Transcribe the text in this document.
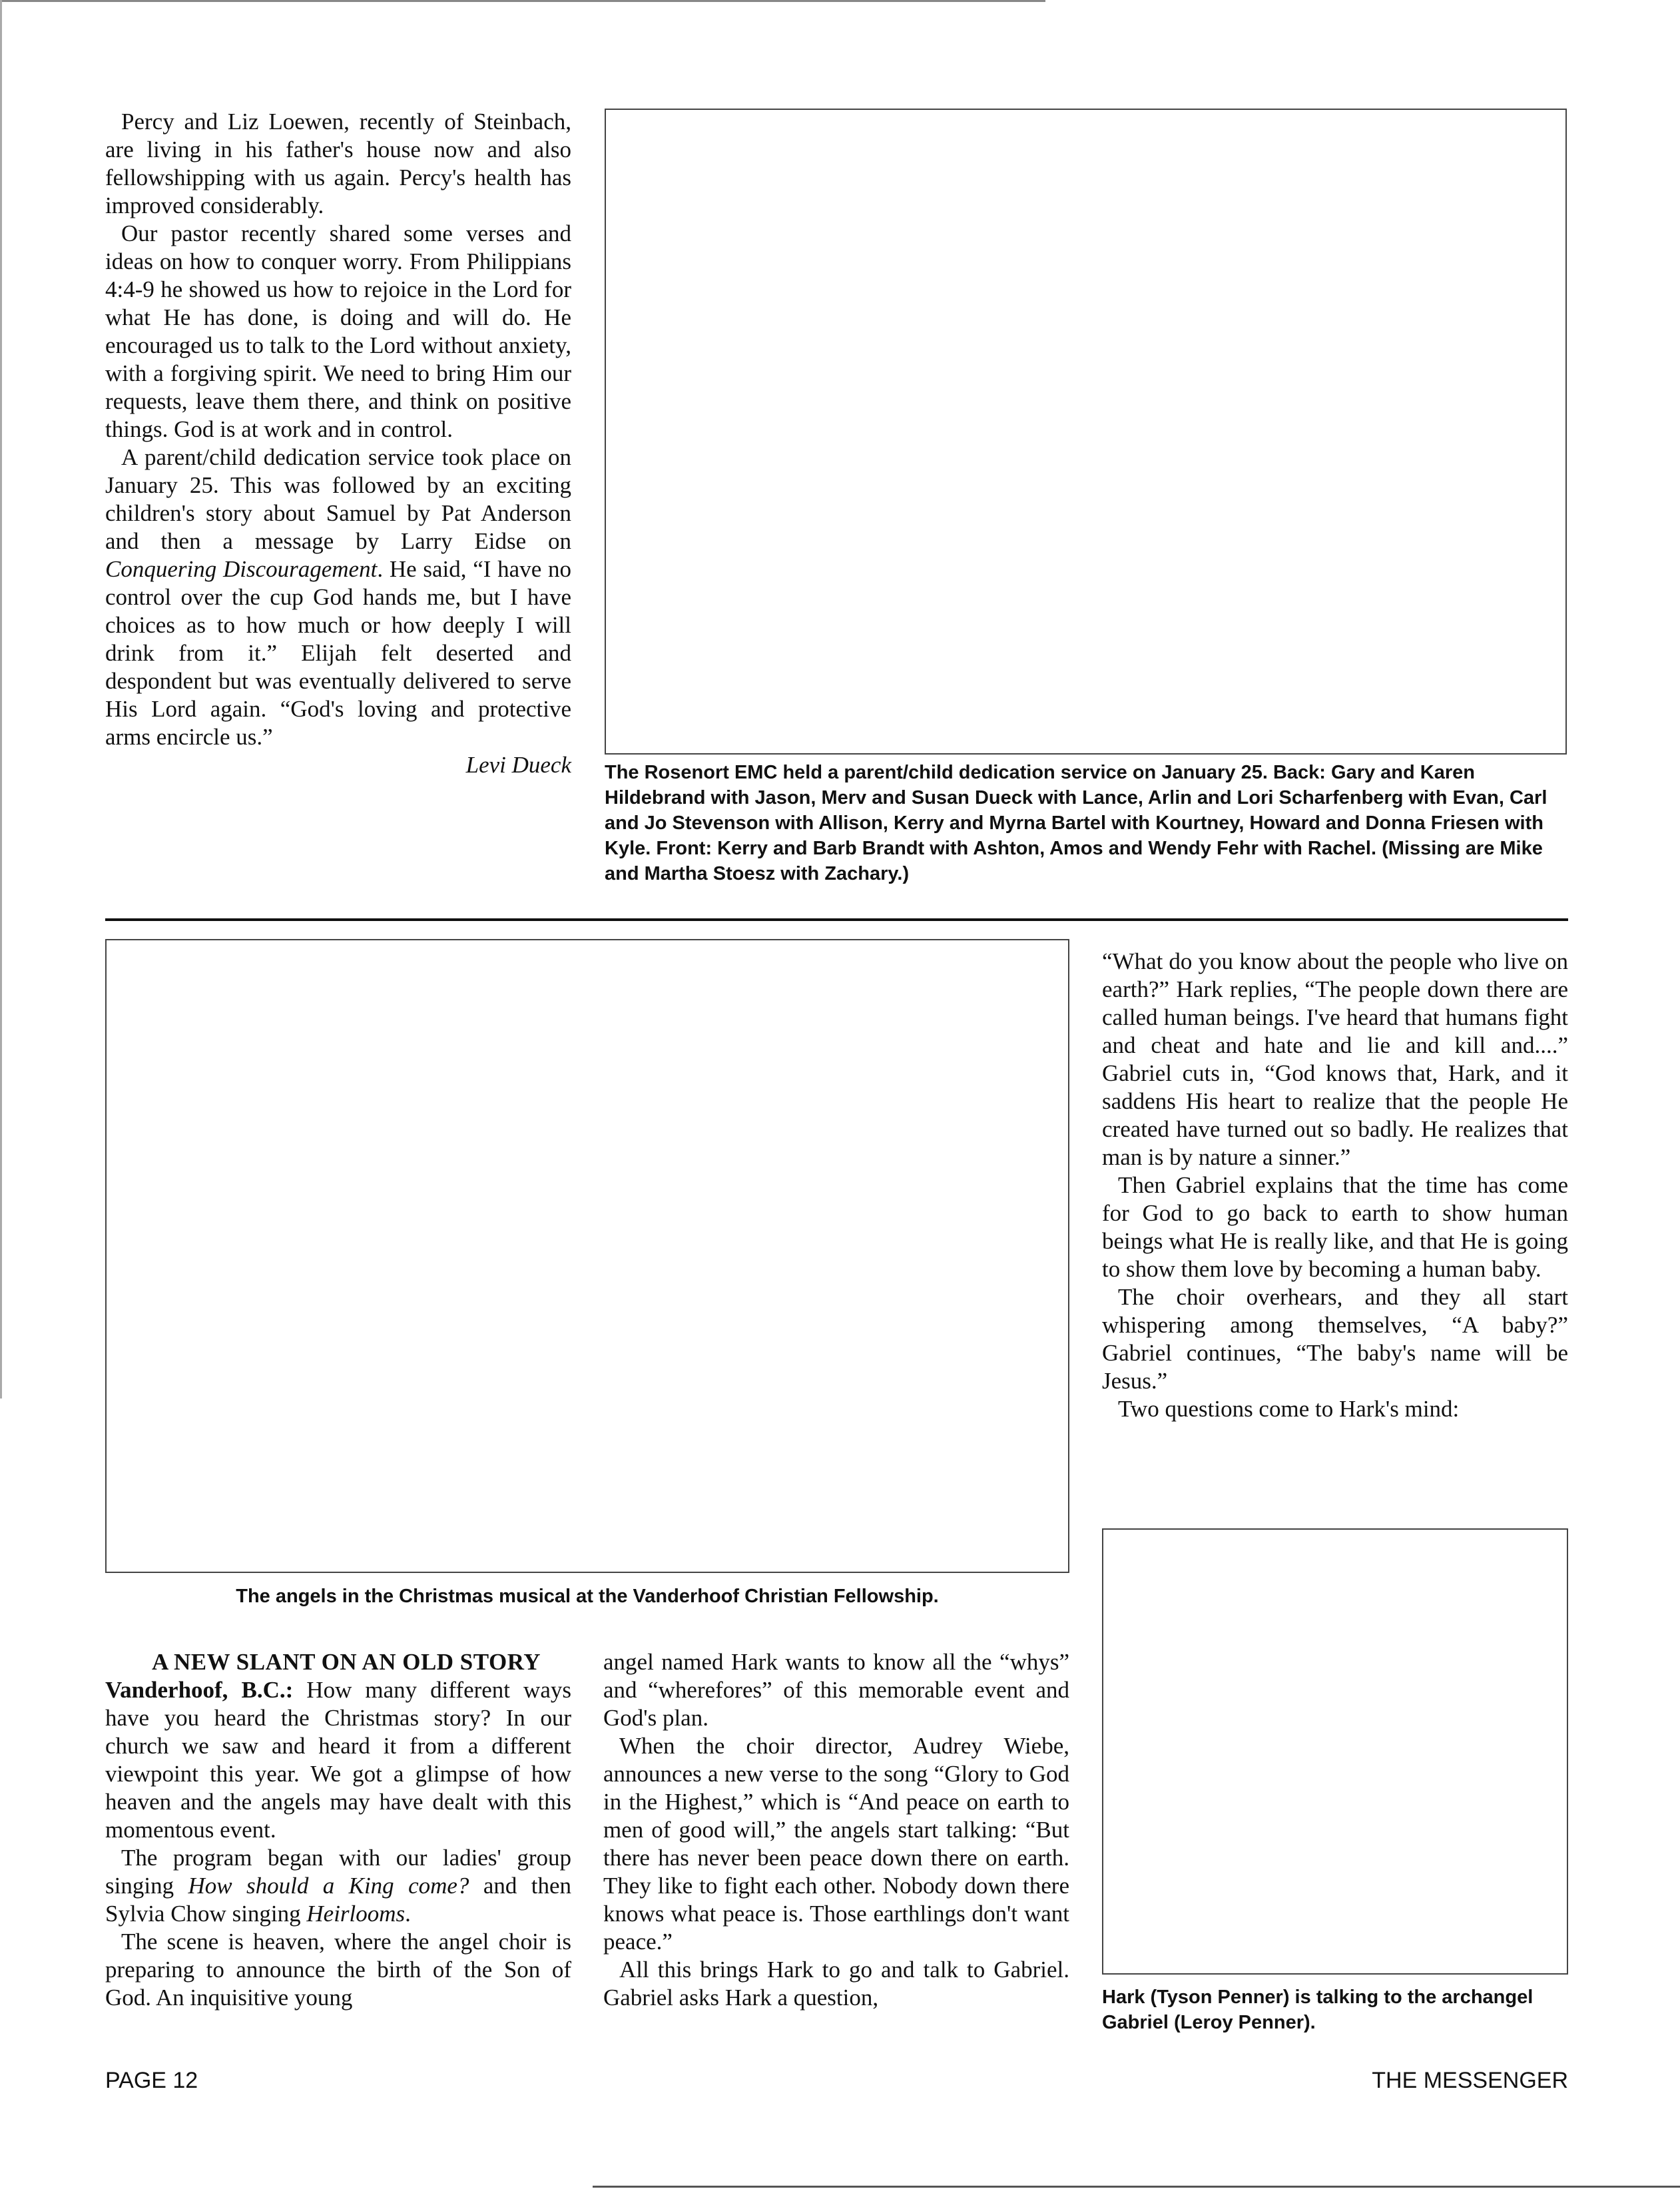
Percy and Liz Loewen, recently of Steinbach, are living in his father's house now and also fellowshipping with us again. Percy's health has improved considerably.

Our pastor recently shared some verses and ideas on how to conquer worry. From Philippians 4:4-9 he showed us how to rejoice in the Lord for what He has done, is doing and will do. He encouraged us to talk to the Lord without anxiety, with a forgiving spirit. We need to bring Him our requests, leave them there, and think on positive things. God is at work and in control.

A parent/child dedication service took place on January 25. This was followed by an exciting children's story about Samuel by Pat Anderson and then a message by Larry Eidse on Conquering Discouragement. He said, “I have no control over the cup God hands me, but I have choices as to how much or how deeply I will drink from it.” Elijah felt deserted and despondent but was eventually delivered to serve His Lord again. “God's loving and protective arms encircle us.”

Levi Dueck The Rosenort EMC held a parent/child dedication service on January 25. Back: Gary and Karen Hildebrand with Jason, Merv and Susan Dueck with Lance, Arlin and Lori Scharfenberg with Evan, Carl and Jo Stevenson with Allison, Kerry and Myrna Bartel with Kourtney, Howard and Donna Friesen with Kyle. Front: Kerry and Barb Brandt with Ashton, Amos and Wendy Fehr with Rachel. (Missing are Mike and Martha Stoesz with Zachary.)
The angels in the Christmas musical at the Vanderhoof Christian Fellowship.

A NEW SLANT ON AN OLD STORY

Vanderhoof, B.C.: How many different ways have you heard the Christmas story? In our church we saw and heard it from a different viewpoint this year. We got a glimpse of how heaven and the angels may have dealt with this momentous event.

The program began with our ladies' group singing How should a King come? and then Sylvia Chow singing Heirlooms.

The scene is heaven, where the angel choir is preparing to announce the birth of the Son of God. An inquisitive young

angel named Hark wants to know all the “whys” and “wherefores” of this memorable event and God's plan.

When the choir director, Audrey Wiebe, announces a new verse to the song “Glory to God in the Highest,” which is “And peace on earth to men of good will,” the angels start talking: “But there has never been peace down there on earth. They like to fight each other. Nobody down there knows what peace is. Those earthlings don't want peace.”

All this brings Hark to go and talk to Gabriel. Gabriel asks Hark a question,

“What do you know about the people who live on earth?” Hark replies, “The people down there are called human beings. I've heard that humans fight and cheat and hate and lie and kill and....” Gabriel cuts in, “God knows that, Hark, and it saddens His heart to realize that the people He created have turned out so badly. He realizes that man is by nature a sinner.”

Then Gabriel explains that the time has come for God to go back to earth to show human beings what He is really like, and that He is going to show them love by becoming a human baby.

The choir overhears, and they all start whispering among themselves, “A baby?” Gabriel continues, “The baby's name will be Jesus.”

Two questions come to Hark's mind:

Hark (Tyson Penner) is talking to the archangel Gabriel (Leroy Penner).
PAGE 12	THE MESSENGER
